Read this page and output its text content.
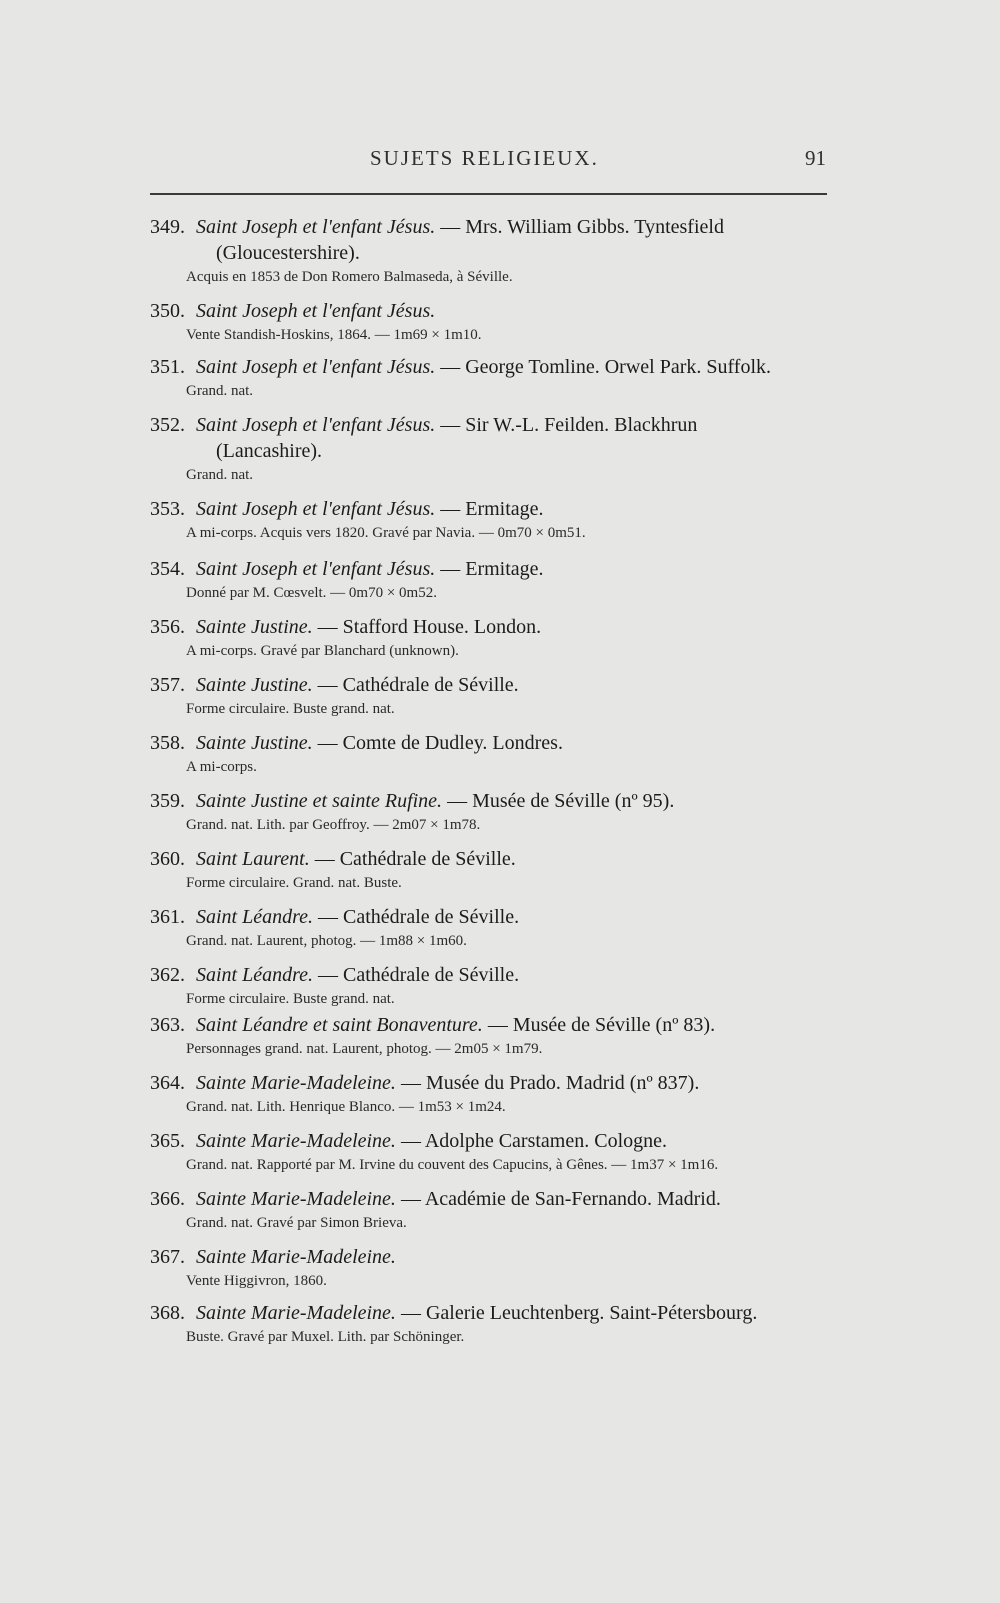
SUJETS RELIGIEUX.	91
349. Saint Joseph et l'enfant Jésus. — Mrs. William Gibbs. Tyntesfield
(Gloucestershire).
Acquis en 1853 de Don Romero Balmaseda, à Séville.
350. Saint Joseph et l'enfant Jésus.
Vente Standish-Hoskins, 1864. — 1m69 × 1m10.
351. Saint Joseph et l'enfant Jésus. — George Tomline. Orwel Park. Suffolk.
Grand. nat.
352. Saint Joseph et l'enfant Jésus. — Sir W.-L. Feilden. Blackhrun
(Lancashire).
Grand. nat.
353. Saint Joseph et l'enfant Jésus. — Ermitage.
A mi-corps. Acquis vers 1820. Gravé par Navia. — 0m70 × 0m51.
354. Saint Joseph et l'enfant Jésus. — Ermitage.
Donné par M. Cœsvelt. — 0m70 × 0m52.
356. Sainte Justine. — Stafford House. London.
A mi-corps. Gravé par Blanchard (unknown).
357. Sainte Justine. — Cathédrale de Séville.
Forme circulaire. Buste grand. nat.
358. Sainte Justine. — Comte de Dudley. Londres.
A mi-corps.
359. Sainte Justine et sainte Rufine. — Musée de Séville (nº 95).
Grand. nat. Lith. par Geoffroy. — 2m07 × 1m78.
360. Saint Laurent. — Cathédrale de Séville.
Forme circulaire. Grand. nat. Buste.
361. Saint Léandre. — Cathédrale de Séville.
Grand. nat. Laurent, photog. — 1m88 × 1m60.
362. Saint Léandre. — Cathédrale de Séville.
Forme circulaire. Buste grand. nat.
363. Saint Léandre et saint Bonaventure. — Musée de Séville (nº 83).
Personnages grand. nat. Laurent, photog. — 2m05 × 1m79.
364. Sainte Marie-Madeleine. — Musée du Prado. Madrid (nº 837).
Grand. nat. Lith. Henrique Blanco. — 1m53 × 1m24.
365. Sainte Marie-Madeleine. — Adolphe Carstamen. Cologne.
Grand. nat. Rapporté par M. Irvine du couvent des Capucins, à Gênes. — 1m37 × 1m16.
366. Sainte Marie-Madeleine. — Académie de San-Fernando. Madrid.
Grand. nat. Gravé par Simon Brieva.
367. Sainte Marie-Madeleine.
Vente Higgivron, 1860.
368. Sainte Marie-Madeleine. — Galerie Leuchtenberg. Saint-Pétersbourg.
Buste. Gravé par Muxel. Lith. par Schöninger.
